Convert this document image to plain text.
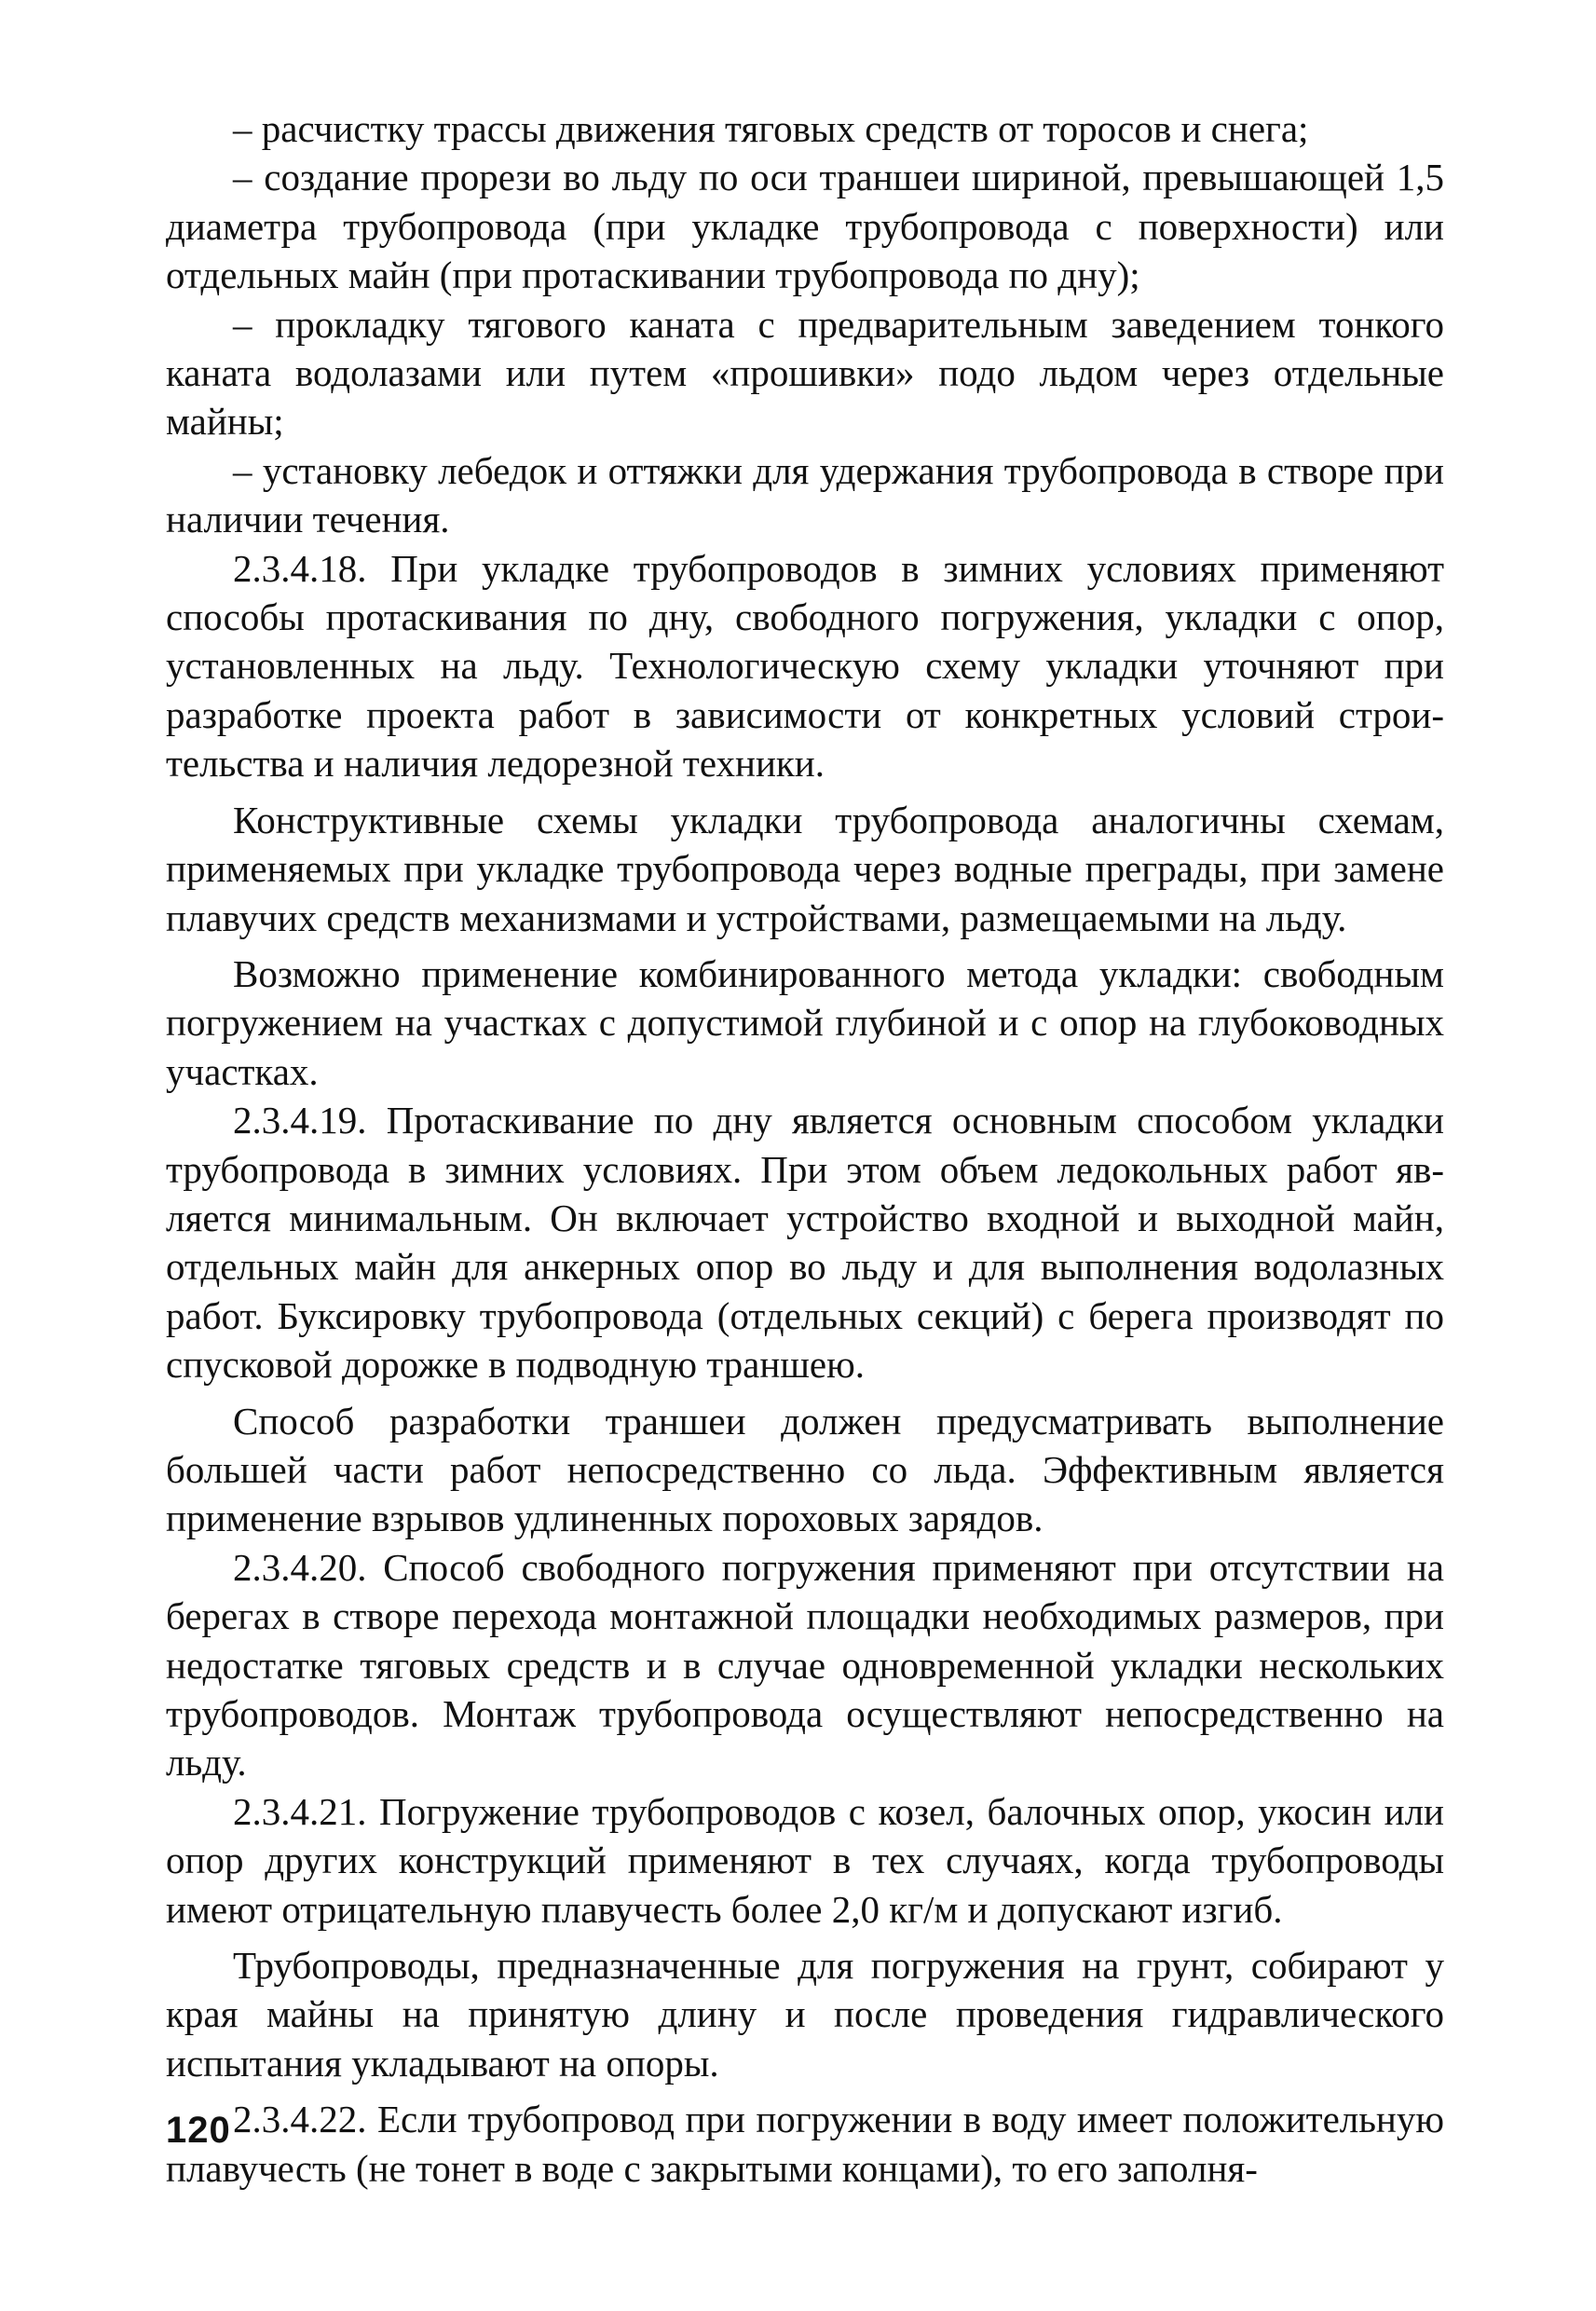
– расчистку трассы движения тяговых средств от торосов и снега;

– создание прорези во льду по оси траншеи шириной, превышающей 1,5 диаметра трубопровода (при укладке трубопровода с поверхности) или отдельных майн (при протаскивании трубопровода по дну);

– прокладку тягового каната с предварительным заведением тонкого каната водолазами или путем «прошивки» подо льдом через отдельные майны;

– установку лебедок и оттяжки для удержания трубопровода в створе при наличии течения.

2.3.4.18. При укладке трубопроводов в зимних условиях применяют способы протаскивания по дну, свободного погружения, укладки с опор, установленных на льду. Технологическую схему укладки уточняют при разработке проекта работ в зависимости от конкретных условий строительства и наличия ледорезной техники.

Конструктивные схемы укладки трубопровода аналогичны схемам, применяемых при укладке трубопровода через водные преграды, при замене плавучих средств механизмами и устройствами, размещаемыми на льду.

Возможно применение комбинированного метода укладки: свободным погружением на участках с допустимой глубиной и с опор на глубоководных участках.

2.3.4.19. Протаскивание по дну является основным способом укладки трубопровода в зимних условиях. При этом объем ледокольных работ является минимальным. Он включает устройство входной и выходной майн, отдельных майн для анкерных опор во льду и для выполнения водолазных работ. Буксировку трубопровода (отдельных секций) с берега производят по спусковой дорожке в подводную траншею.

Способ разработки траншеи должен предусматривать выполнение большей части работ непосредственно со льда. Эффективным является применение взрывов удлиненных пороховых зарядов.

2.3.4.20. Способ свободного погружения применяют при отсутствии на берегах в створе перехода монтажной площадки необходимых размеров, при недостатке тяговых средств и в случае одновременной укладки нескольких трубопроводов. Монтаж трубопровода осуществляют непосредственно на льду.

2.3.4.21. Погружение трубопроводов с козел, балочных опор, укосин или опор других конструкций применяют в тех случаях, когда трубопроводы имеют отрицательную плавучесть более 2,0 кг/м и допускают изгиб.

Трубопроводы, предназначенные для погружения на грунт, собирают у края майны на принятую длину и после проведения гидравлического испытания укладывают на опоры.

2.3.4.22. Если трубопровод при погружении в воду имеет положительную плавучесть (не тонет в воде с закрытыми концами), то его заполня-

120
